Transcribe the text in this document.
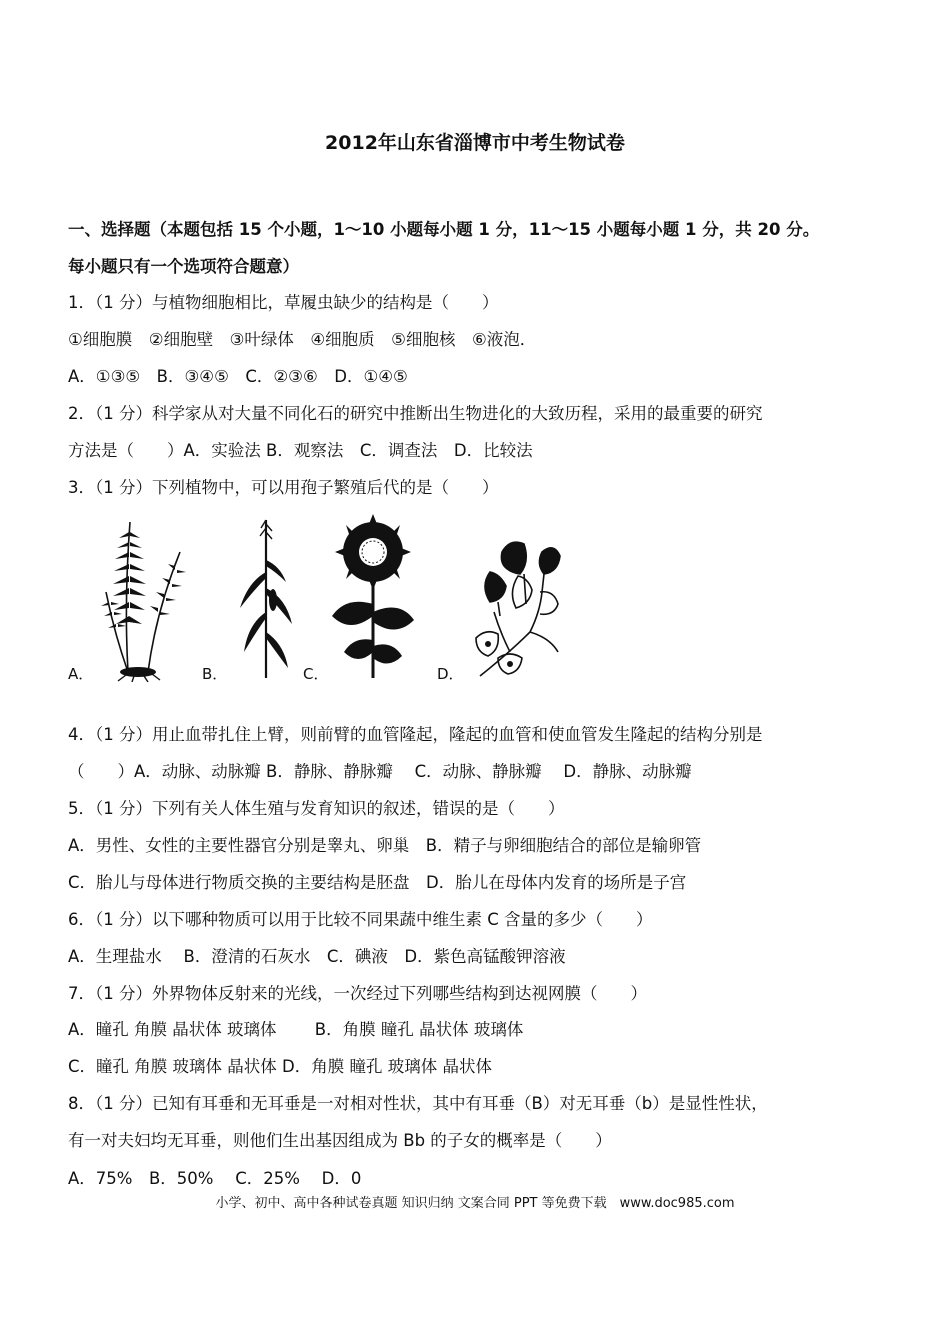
2012年山东省淄博市中考生物试卷
一、选择题（本题包括 15 个小题，1～10 小题每小题 1 分，11～15 小题每小题 1 分，共 20 分。
每小题只有一个选项符合题意）
1．（1 分）与植物细胞相比，草履虫缺少的结构是（　　）
①细胞膜　②细胞壁　③叶绿体　④细胞质　⑤细胞核　⑥液泡．
A．①③⑤　B．③④⑤　C．②③⑥　D．①④⑤
2．（1 分）科学家从对大量不同化石的研究中推断出生物进化的大致历程，采用的最重要的研究
方法是（　　）A．实验法 B．观察法　C．调查法　D．比较法
3．（1 分）下列植物中，可以用孢子繁殖后代的是（　　）
A．	B．	C．	D．
4．（1 分）用止血带扎住上臂，则前臂的血管隆起，隆起的血管和使血管发生隆起的结构分别是
（　　）A．动脉、动脉瓣 B．静脉、静脉瓣　 C．动脉、静脉瓣　 D．静脉、动脉瓣
5．（1 分）下列有关人体生殖与发育知识的叙述，错误的是（　　）
A．男性、女性的主要性器官分别是睾丸、卵巢　B．精子与卵细胞结合的部位是输卵管
C．胎儿与母体进行物质交换的主要结构是胚盘　D．胎儿在母体内发育的场所是子宫
6．（1 分）以下哪种物质可以用于比较不同果蔬中维生素 C 含量的多少（　　）
A．生理盐水　 B．澄清的石灰水　C．碘液　D．紫色高锰酸钾溶液
7．（1 分）外界物体反射来的光线，一次经过下列哪些结构到达视网膜（　　）
A．瞳孔 角膜 晶状体 玻璃体　　 B．角膜 瞳孔 晶状体 玻璃体
C．瞳孔 角膜 玻璃体 晶状体 D．角膜 瞳孔 玻璃体 晶状体
8．（1 分）已知有耳垂和无耳垂是一对相对性状，其中有耳垂（B）对无耳垂（b）是显性性状，
有一对夫妇均无耳垂，则他们生出基因组成为 Bb 的子女的概率是（　　）
A．75%　B．50%　 C．25%　 D．0
小学、初中、高中各种试卷真题 知识归纳 文案合同 PPT 等免费下载　www.doc985.com
